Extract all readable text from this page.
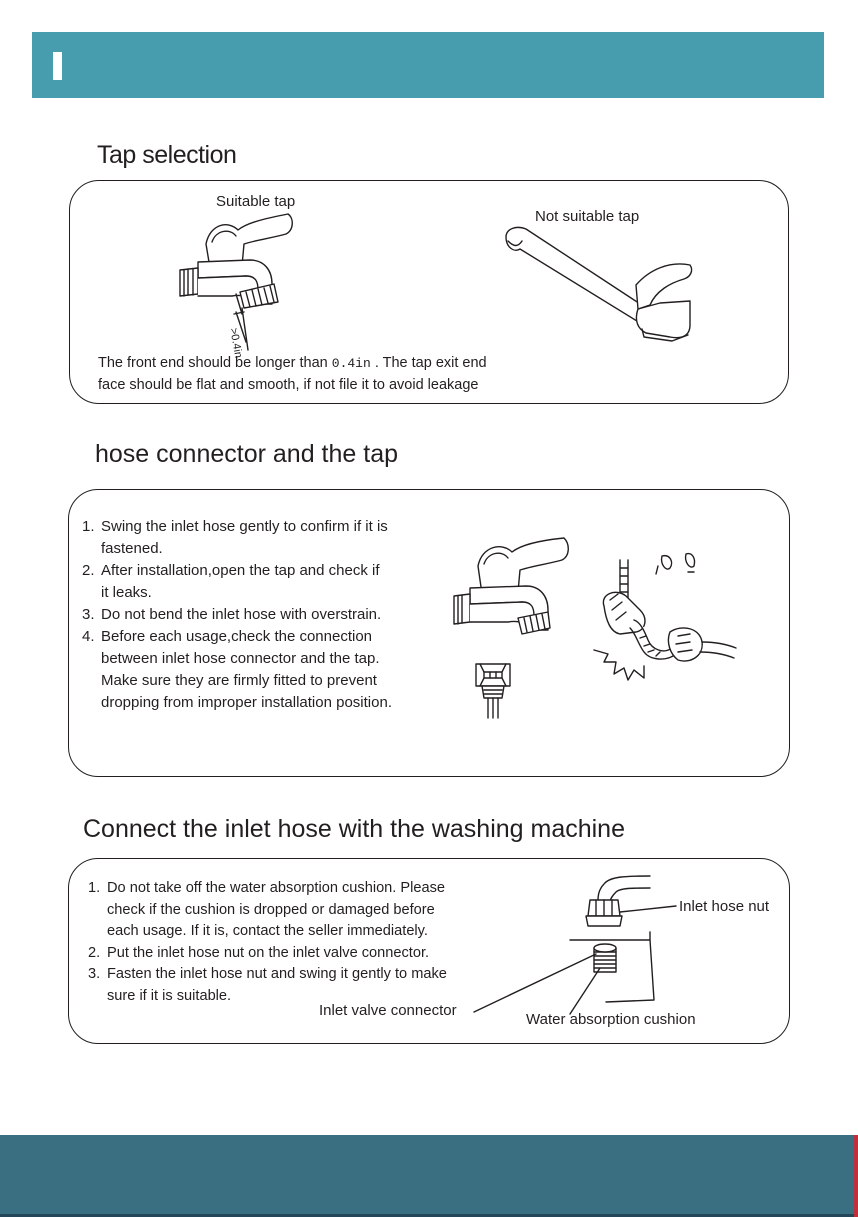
Tap selection
Suitable tap
Not suitable tap
>0.4in
The front end should be longer than 0.4in . The tap exit end
face should be flat and smooth, if not file it to avoid leakage
hose connector and the tap
1. Swing the inlet hose gently to confirm if it is
fastened.
2. After installation,open the tap and check if
it leaks.
3. Do not bend the inlet hose with overstrain.
4. Before each usage,check the connection
between inlet hose connector and the tap.
Make sure they are firmly fitted to prevent
dropping from improper installation position.
Connect the inlet hose with the washing machine
1. Do not take off the water absorption cushion. Please
check if the cushion is dropped or damaged before
each usage. If it is, contact the seller immediately.
2. Put the inlet hose nut on the inlet valve connector.
3. Fasten the inlet hose nut and swing it gently to make
sure if it is suitable.
Inlet hose nut
Inlet valve connector
Water absorption cushion
